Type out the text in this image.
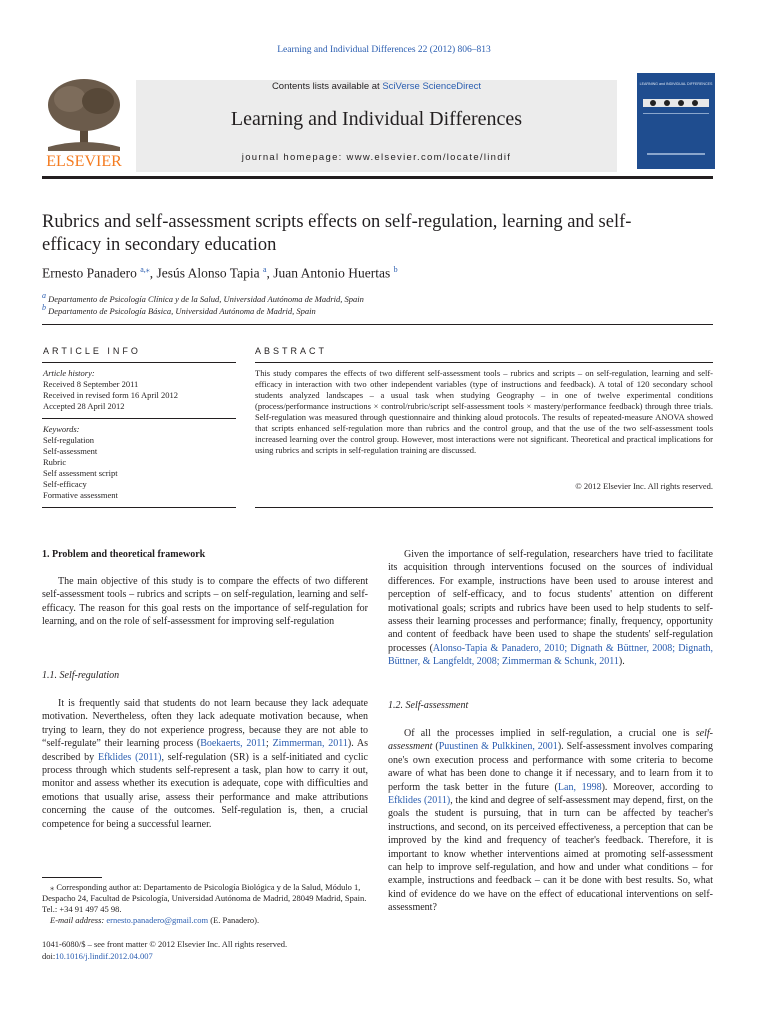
Learning and Individual Differences 22 (2012) 806–813
ELSEVIER
Contents lists available at SciVerse ScienceDirect
Learning and Individual Differences
journal homepage: www.elsevier.com/locate/lindif
LEARNING and INDIVIDUAL DIFFERENCES
Rubrics and self-assessment scripts effects on self-regulation, learning and self-efficacy in secondary education
Ernesto Panadero $^{a,⁎}$, Jesús Alonso Tapia $^a$, Juan Antonio Huertas $^b$
$^a$ Departamento de Psicología Clínica y de la Salud, Universidad Autónoma de Madrid, Spain
$^b$ Departamento de Psicología Básica, Universidad Autónoma de Madrid, Spain
ARTICLE INFO	ABSTRACT
Article history:
Received 8 September 2011
Received in revised form 16 April 2012
Accepted 28 April 2012
Keywords:
Self-regulation
Self-assessment
Rubric
Self assessment script
Self-efficacy
Formative assessment
This study compares the effects of two different self-assessment tools – rubrics and scripts – on self-regulation, learning and self-efficacy in interaction with two other independent variables (type of instructions and feedback). A total of 120 secondary school students analyzed landscapes – a usual task when studying Geography – in one of twelve experimental conditions (process/performance instructions × control/rubric/script self-assessment tools × mastery/performance feedback) through three trials. Self-regulation was measured through questionnaire and thinking aloud protocols. The results of repeated-measure ANOVA showed that scripts enhanced self-regulation more than rubrics and the control group, and that the use of the two self-assessment tools increased learning over the control group. However, most interactions were not significant. Theoretical and practical implications for using rubrics and scripts in self-regulation training are discussed.
© 2012 Elsevier Inc. All rights reserved.
1. Problem and theoretical framework

The main objective of this study is to compare the effects of two different self-assessment tools – rubrics and scripts – on self-regulation, learning and self-efficacy. The reason for this goal rests on the importance of self-regulation for learning, and on the role of self-assessment for improving self-regulation

1.1. Self-regulation

It is frequently said that students do not learn because they lack adequate motivation. Nevertheless, often they lack adequate motivation because, when trying to learn, they do not experience progress, because they are not able to “self-regulate” their learning process (Boekaerts, 2011; Zimmerman, 2011). As described by Efklides (2011), self-regulation (SR) is a self-initiated and cyclic process through which students self-represent a task, plan how to carry it out, monitor and assess whether its execution is adequate, cope with difficulties and emotions that usually arise, assess their performance and make attributions concerning the cause of the outcomes. Self-regulation is, then, a crucial competence for being a successful learner.

⁎ Corresponding author at: Departamento de Psicología Biológica y de la Salud, Módulo 1, Despacho 24, Facultad de Psicología, Universidad Autónoma de Madrid, 28049 Madrid, Spain. Tel.: +34 91 497 45 98.

E-mail address: ernesto.panadero@gmail.com (E. Panadero).

1041-6080/$ – see front matter © 2012 Elsevier Inc. All rights reserved.
doi:10.1016/j.lindif.2012.04.007

Given the importance of self-regulation, researchers have tried to facilitate its acquisition through interventions focused on the sources of individual differences. For example, instructions have been used to arouse interest and perception of self-efficacy, and to focus students' attention on different motivational goals; scripts and rubrics have been used to help students to self-assess their learning processes and performance; finally, frequency, opportunity and content of feedback have been used to shape the students' self-regulation processes (Alonso-Tapia & Panadero, 2010; Dignath & Büttner, 2008; Dignath, Büttner, & Langfeldt, 2008; Zimmerman & Schunk, 2011).

1.2. Self-assessment

Of all the processes implied in self-regulation, a crucial one is self-assessment (Puustinen & Pulkkinen, 2001). Self-assessment involves comparing one's own execution process and performance with some criteria to become aware of what has been done to change it if necessary, and to learn from it to perform the task better in the future (Lan, 1998). Moreover, according to Efklides (2011), the kind and degree of self-assessment may depend, first, on the goals the student is pursuing, that in turn can be affected by teacher's instructions, and second, on its perceived effectiveness, a perception that can be improved by the kind and frequency of teacher's feedback. Therefore, it is important to know whether interventions aimed at promoting self-assessment can help to improve self-regulation, and how and under what conditions – for example, instructions and feedback – can it be done with best results. So, what kind of evidence do we have on the effect of educational interventions on self-assessment?
